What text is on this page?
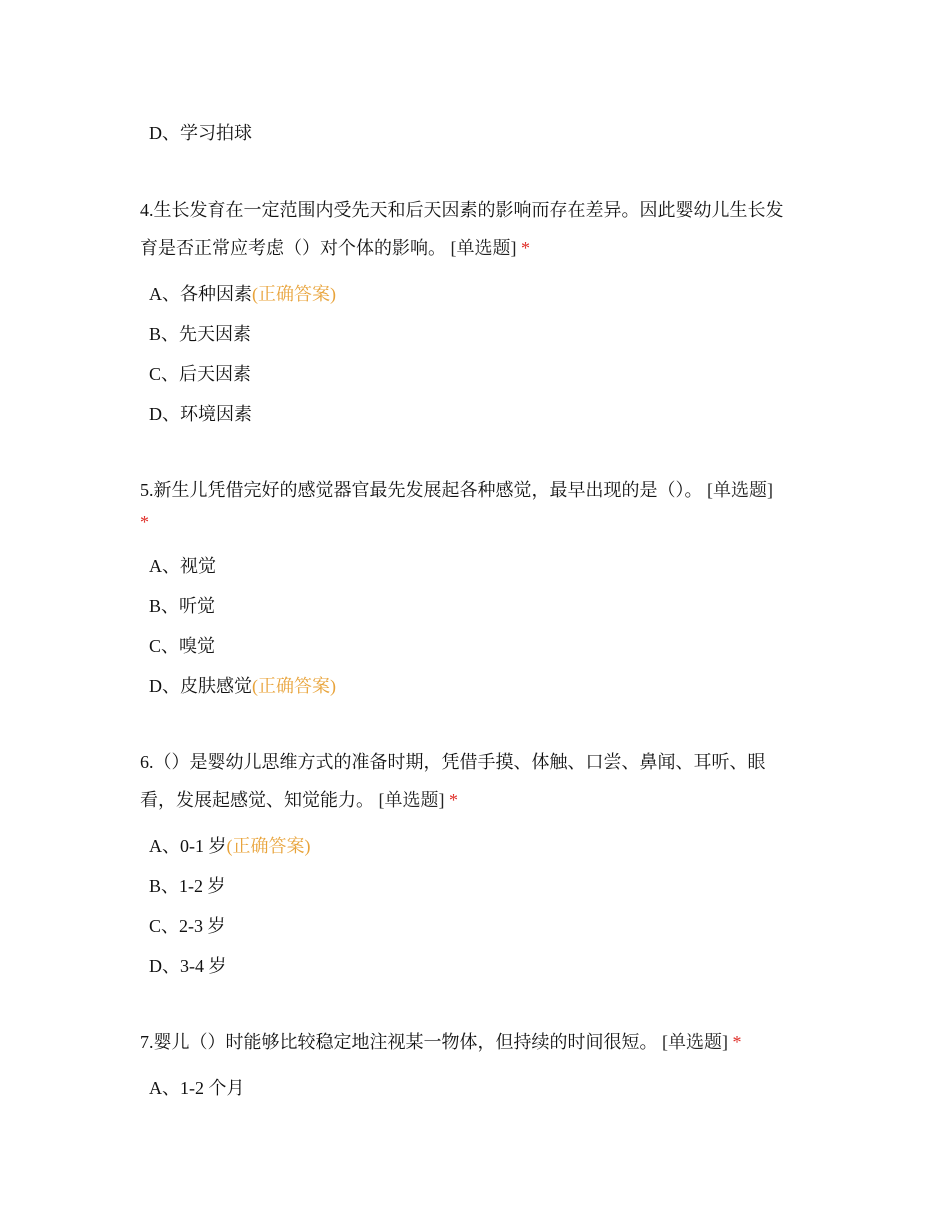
D、学习拍球
4.生长发育在一定范围内受先天和后天因素的影响而存在差异。因此婴幼儿生长发
育是否正常应考虑（）对个体的影响。 [单选题] *
A、各种因素(正确答案)
B、先天因素
C、后天因素
D、环境因素
5.新生儿凭借完好的感觉器官最先发展起各种感觉，最早出现的是（）。 [单选题]
*
A、视觉
B、听觉
C、嗅觉
D、皮肤感觉(正确答案)
6.（）是婴幼儿思维方式的准备时期，凭借手摸、体触、口尝、鼻闻、耳听、眼
看，发展起感觉、知觉能力。 [单选题] *
A、0-1 岁(正确答案)
B、1-2 岁
C、2-3 岁
D、3-4 岁
7.婴儿（）时能够比较稳定地注视某一物体，但持续的时间很短。 [单选题] *
A、1-2 个月
